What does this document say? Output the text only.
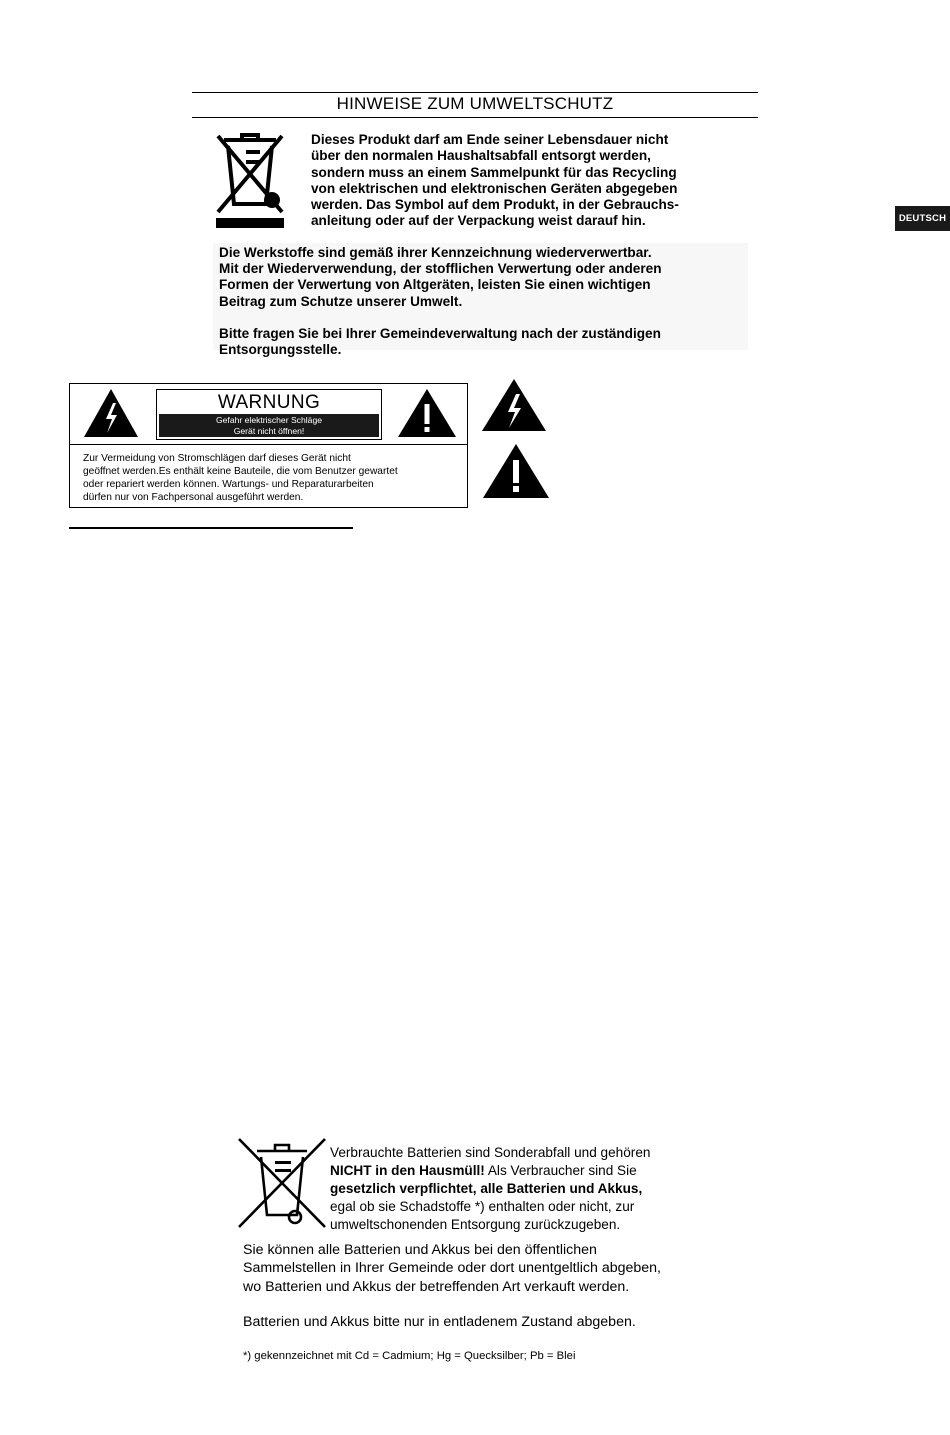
HINWEISE ZUM UMWELTSCHUTZ
Dieses Produkt darf am Ende seiner Lebensdauer nicht
über den normalen Haushaltsabfall entsorgt werden,
sondern muss an einem Sammelpunkt für das Recycling
von elektrischen und elektronischen Geräten abgegeben
werden. Das Symbol auf dem Produkt, in der Gebrauchs-
anleitung oder auf der Verpackung weist darauf hin.
Die Werkstoffe sind gemäß ihrer Kennzeichnung wiederverwertbar.
Mit der Wiederverwendung, der stofflichen Verwertung oder anderen
Formen der Verwertung von Altgeräten, leisten Sie einen wichtigen
Beitrag zum Schutze unserer Umwelt.
Bitte fragen Sie bei Ihrer Gemeindeverwaltung nach der zuständigen
Entsorgungsstelle.
DEUTSCH
WARNUNG
Gefahr elektrischer Schläge
Gerät nicht öffnen!
Zur Vermeidung von Stromschlägen darf dieses Gerät nicht
geöffnet werden.Es enthält keine Bauteile, die vom Benutzer gewartet
oder repariert werden können. Wartungs- und Reparaturarbeiten
dürfen nur von Fachpersonal ausgeführt werden.
Verbrauchte Batterien sind Sonderabfall und gehören
NICHT in den Hausmüll! Als Verbraucher sind Sie
gesetzlich verpflichtet, alle Batterien und Akkus,
egal ob sie Schadstoffe *) enthalten oder nicht, zur
umweltschonenden Entsorgung zurückzugeben.
Sie können alle Batterien und Akkus bei den öffentlichen
Sammelstellen in Ihrer Gemeinde oder dort unentgeltlich abgeben,
wo Batterien und Akkus der betreffenden Art verkauft werden.
Batterien und Akkus bitte nur in entladenem Zustand abgeben.
*) gekennzeichnet mit Cd = Cadmium; Hg = Quecksilber; Pb = Blei
